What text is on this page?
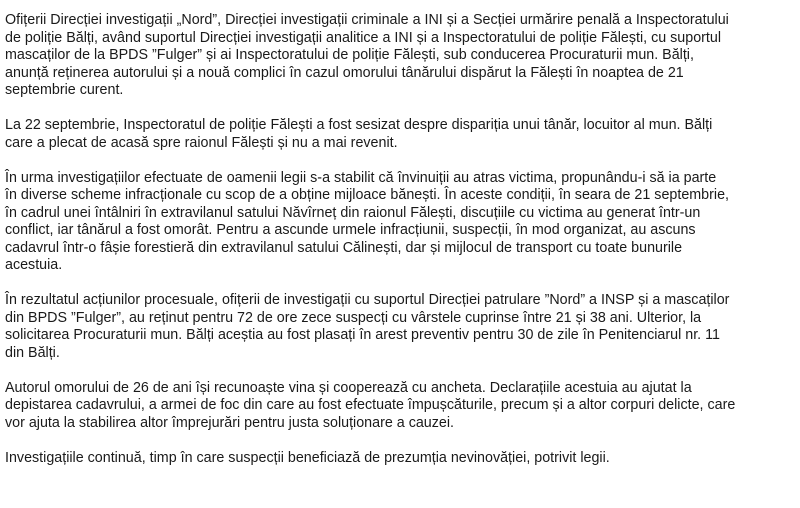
Ofițerii Direcției investigații „Nord”, Direcției investigații criminale a INI și a Secției urmărire penală a Inspectoratului
de poliție Bălți, având suportul Direcției investigații analitice a INI și a Inspectoratului de poliție Fălești, cu suportul
mascaților de la BPDS ”Fulger” și ai Inspectoratului de poliție Fălești, sub conducerea Procuraturii mun. Bălți,
anunță reținerea autorului și a nouă complici în cazul omorului tânărului dispărut la Fălești în noaptea de 21
septembrie curent.

La 22 septembrie, Inspectoratul de poliție Fălești a fost sesizat despre dispariția unui tânăr, locuitor al mun. Bălți
care a plecat de acasă spre raionul Fălești și nu a mai revenit.

În urma investigațiilor efectuate de oamenii legii s-a stabilit că învinuiții au atras victima, propunându-i să ia parte
în diverse scheme infracționale cu scop de a obține mijloace bănești. În aceste condiții, în seara de 21 septembrie,
în cadrul unei întâlniri în extravilanul satului Năvîrneț din raionul Fălești, discuțiile cu victima au generat într-un
conflict, iar tânărul a fost omorât. Pentru a ascunde urmele infracțiunii, suspecții, în mod organizat, au ascuns
cadavrul într-o fâșie forestieră din extravilanul satului Călinești, dar și mijlocul de transport cu toate bunurile
acestuia.

În rezultatul acțiunilor procesuale, ofițerii de investigații cu suportul Direcției patrulare ”Nord” a INSP și a mascaților
din BPDS ”Fulger”, au reținut pentru 72 de ore zece suspecți cu vârstele cuprinse între 21 și 38 ani. Ulterior, la
solicitarea Procuraturii mun. Bălți aceștia au fost plasați în arest preventiv pentru 30 de zile în Penitenciarul nr. 11
din Bălți.

Autorul omorului de 26 de ani își recunoaște vina și cooperează cu ancheta. Declarațiile acestuia au ajutat la
depistarea cadavrului, a armei de foc din care au fost efectuate împușcăturile, precum și a altor corpuri delicte, care
vor ajuta la stabilirea altor împrejurări pentru justa soluționare a cauzei.

Investigațiile continuă, timp în care suspecții beneficiază de prezumția nevinovăției, potrivit legii.
